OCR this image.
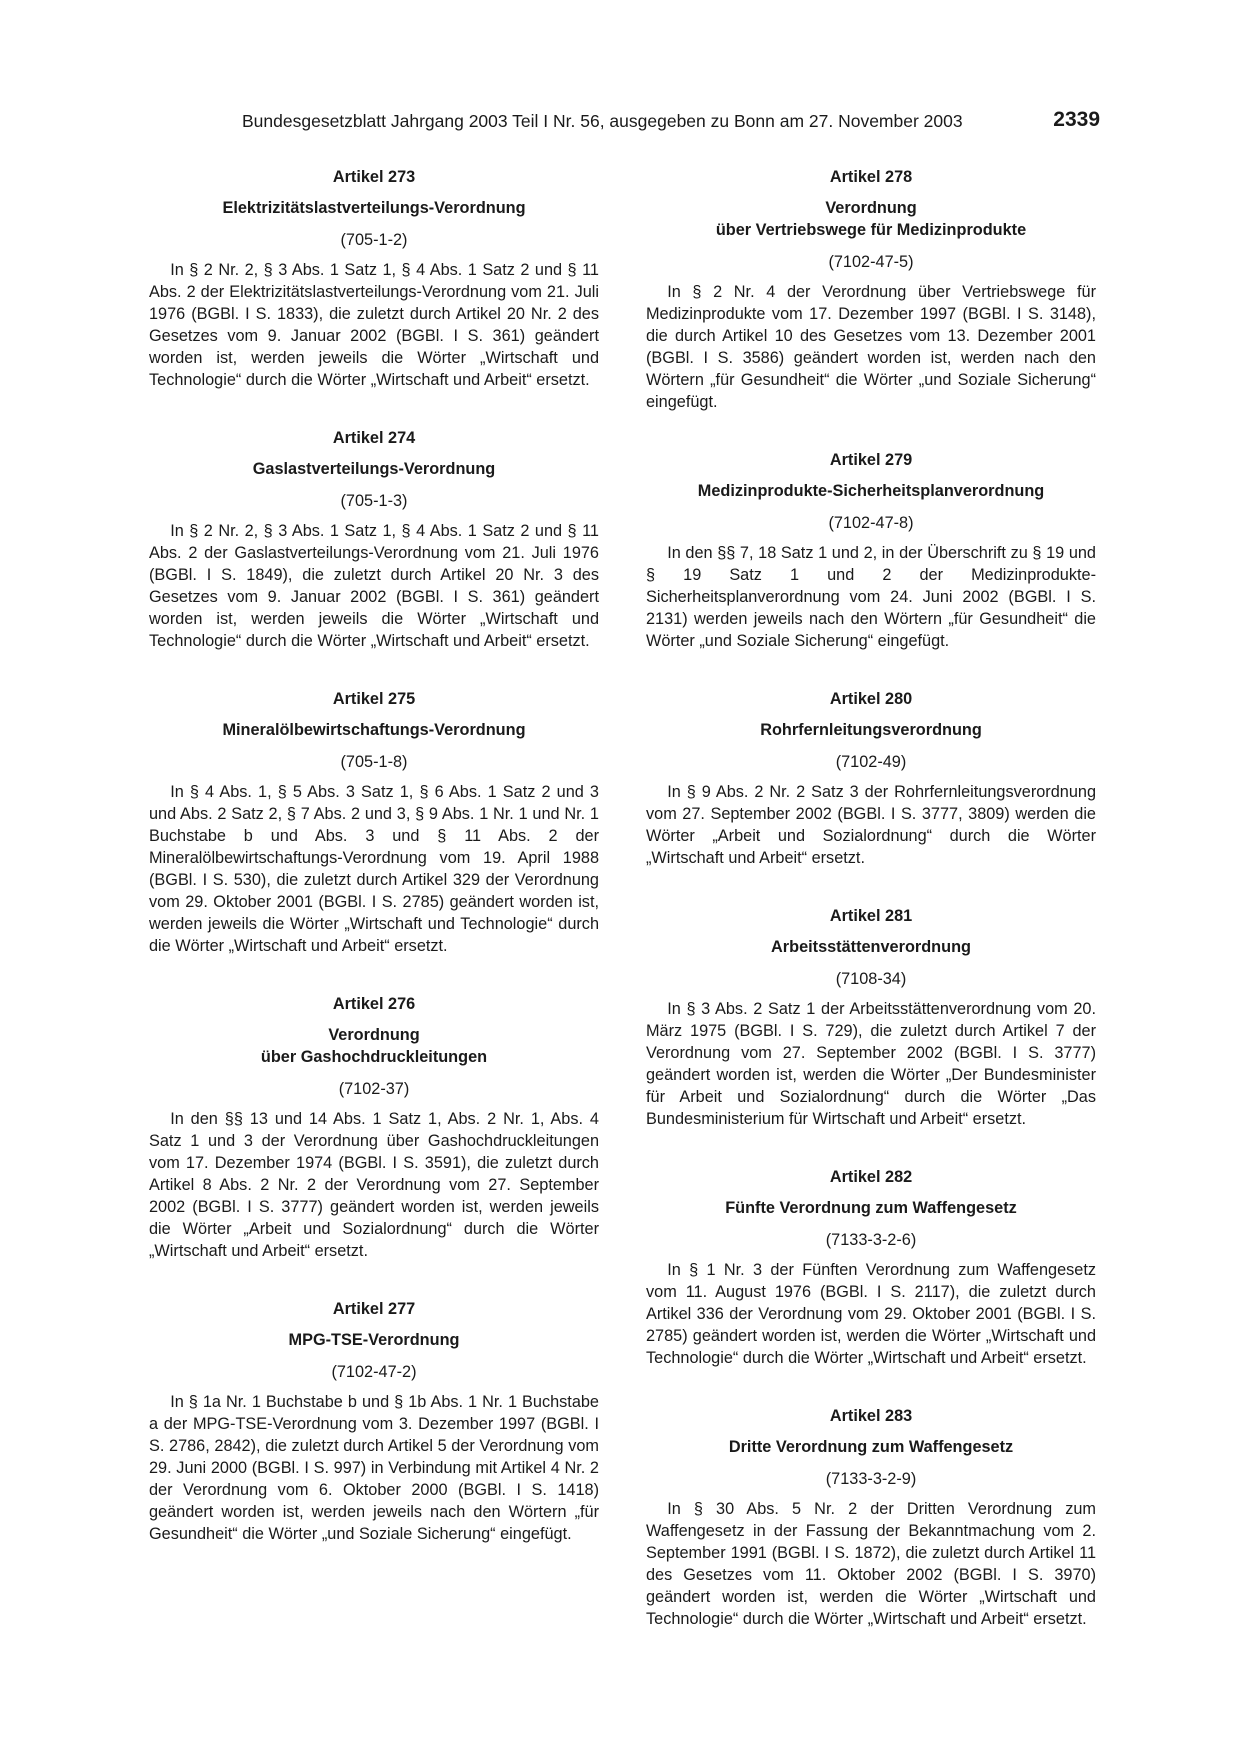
Bundesgesetzblatt Jahrgang 2003 Teil I Nr. 56, ausgegeben zu Bonn am 27. November 2003	2339
Artikel 273
Elektrizitätslastverteilungs-Verordnung
(705-1-2)

In § 2 Nr. 2, § 3 Abs. 1 Satz 1, § 4 Abs. 1 Satz 2 und § 11 Abs. 2 der Elektrizitätslastverteilungs-Verordnung vom 21. Juli 1976 (BGBl. I S. 1833), die zuletzt durch Artikel 20 Nr. 2 des Gesetzes vom 9. Januar 2002 (BGBl. I S. 361) geändert worden ist, werden jeweils die Wörter „Wirtschaft und Technologie“ durch die Wörter „Wirtschaft und Arbeit“ ersetzt.

Artikel 274
Gaslastverteilungs-Verordnung
(705-1-3)

In § 2 Nr. 2, § 3 Abs. 1 Satz 1, § 4 Abs. 1 Satz 2 und § 11 Abs. 2 der Gaslastverteilungs-Verordnung vom 21. Juli 1976 (BGBl. I S. 1849), die zuletzt durch Artikel 20 Nr. 3 des Gesetzes vom 9. Januar 2002 (BGBl. I S. 361) geändert worden ist, werden jeweils die Wörter „Wirtschaft und Technologie“ durch die Wörter „Wirtschaft und Arbeit“ ersetzt.

Artikel 275
Mineralölbewirtschaftungs-Verordnung
(705-1-8)

In § 4 Abs. 1, § 5 Abs. 3 Satz 1, § 6 Abs. 1 Satz 2 und 3 und Abs. 2 Satz 2, § 7 Abs. 2 und 3, § 9 Abs. 1 Nr. 1 und Nr. 1 Buchstabe b und Abs. 3 und § 11 Abs. 2 der Mineralölbewirtschaftungs-Verordnung vom 19. April 1988 (BGBl. I S. 530), die zuletzt durch Artikel 329 der Verordnung vom 29. Oktober 2001 (BGBl. I S. 2785) geändert worden ist, werden jeweils die Wörter „Wirtschaft und Technologie“ durch die Wörter „Wirtschaft und Arbeit“ ersetzt.

Artikel 276
Verordnung
über Gashochdruckleitungen
(7102-37)

In den §§ 13 und 14 Abs. 1 Satz 1, Abs. 2 Nr. 1, Abs. 4 Satz 1 und 3 der Verordnung über Gashochdruckleitungen vom 17. Dezember 1974 (BGBl. I S. 3591), die zuletzt durch Artikel 8 Abs. 2 Nr. 2 der Verordnung vom 27. September 2002 (BGBl. I S. 3777) geändert worden ist, werden jeweils die Wörter „Arbeit und Sozialordnung“ durch die Wörter „Wirtschaft und Arbeit“ ersetzt.

Artikel 277
MPG-TSE-Verordnung
(7102-47-2)

In § 1a Nr. 1 Buchstabe b und § 1b Abs. 1 Nr. 1 Buchstabe a der MPG-TSE-Verordnung vom 3. Dezember 1997 (BGBl. I S. 2786, 2842), die zuletzt durch Artikel 5 der Verordnung vom 29. Juni 2000 (BGBl. I S. 997) in Verbindung mit Artikel 4 Nr. 2 der Verordnung vom 6. Oktober 2000 (BGBl. I S. 1418) geändert worden ist, werden jeweils nach den Wörtern „für Gesundheit“ die Wörter „und Soziale Sicherung“ eingefügt.

Artikel 278
Verordnung
über Vertriebswege für Medizinprodukte
(7102-47-5)

In § 2 Nr. 4 der Verordnung über Vertriebswege für Medizinprodukte vom 17. Dezember 1997 (BGBl. I S. 3148), die durch Artikel 10 des Gesetzes vom 13. Dezember 2001 (BGBl. I S. 3586) geändert worden ist, werden nach den Wörtern „für Gesundheit“ die Wörter „und Soziale Sicherung“ eingefügt.

Artikel 279
Medizinprodukte-Sicherheitsplanverordnung
(7102-47-8)

In den §§ 7, 18 Satz 1 und 2, in der Überschrift zu § 19 und § 19 Satz 1 und 2 der Medizinprodukte-Sicherheitsplanverordnung vom 24. Juni 2002 (BGBl. I S. 2131) werden jeweils nach den Wörtern „für Gesundheit“ die Wörter „und Soziale Sicherung“ eingefügt.

Artikel 280
Rohrfernleitungsverordnung
(7102-49)

In § 9 Abs. 2 Nr. 2 Satz 3 der Rohrfernleitungsverordnung vom 27. September 2002 (BGBl. I S. 3777, 3809) werden die Wörter „Arbeit und Sozialordnung“ durch die Wörter „Wirtschaft und Arbeit“ ersetzt.

Artikel 281
Arbeitsstättenverordnung
(7108-34)

In § 3 Abs. 2 Satz 1 der Arbeitsstättenverordnung vom 20. März 1975 (BGBl. I S. 729), die zuletzt durch Artikel 7 der Verordnung vom 27. September 2002 (BGBl. I S. 3777) geändert worden ist, werden die Wörter „Der Bundesminister für Arbeit und Sozialordnung“ durch die Wörter „Das Bundesministerium für Wirtschaft und Arbeit“ ersetzt.

Artikel 282
Fünfte Verordnung zum Waffengesetz
(7133-3-2-6)

In § 1 Nr. 3 der Fünften Verordnung zum Waffengesetz vom 11. August 1976 (BGBl. I S. 2117), die zuletzt durch Artikel 336 der Verordnung vom 29. Oktober 2001 (BGBl. I S. 2785) geändert worden ist, werden die Wörter „Wirtschaft und Technologie“ durch die Wörter „Wirtschaft und Arbeit“ ersetzt.

Artikel 283
Dritte Verordnung zum Waffengesetz
(7133-3-2-9)

In § 30 Abs. 5 Nr. 2 der Dritten Verordnung zum Waffengesetz in der Fassung der Bekanntmachung vom 2. September 1991 (BGBl. I S. 1872), die zuletzt durch Artikel 11 des Gesetzes vom 11. Oktober 2002 (BGBl. I S. 3970) geändert worden ist, werden die Wörter „Wirtschaft und Technologie“ durch die Wörter „Wirtschaft und Arbeit“ ersetzt.
